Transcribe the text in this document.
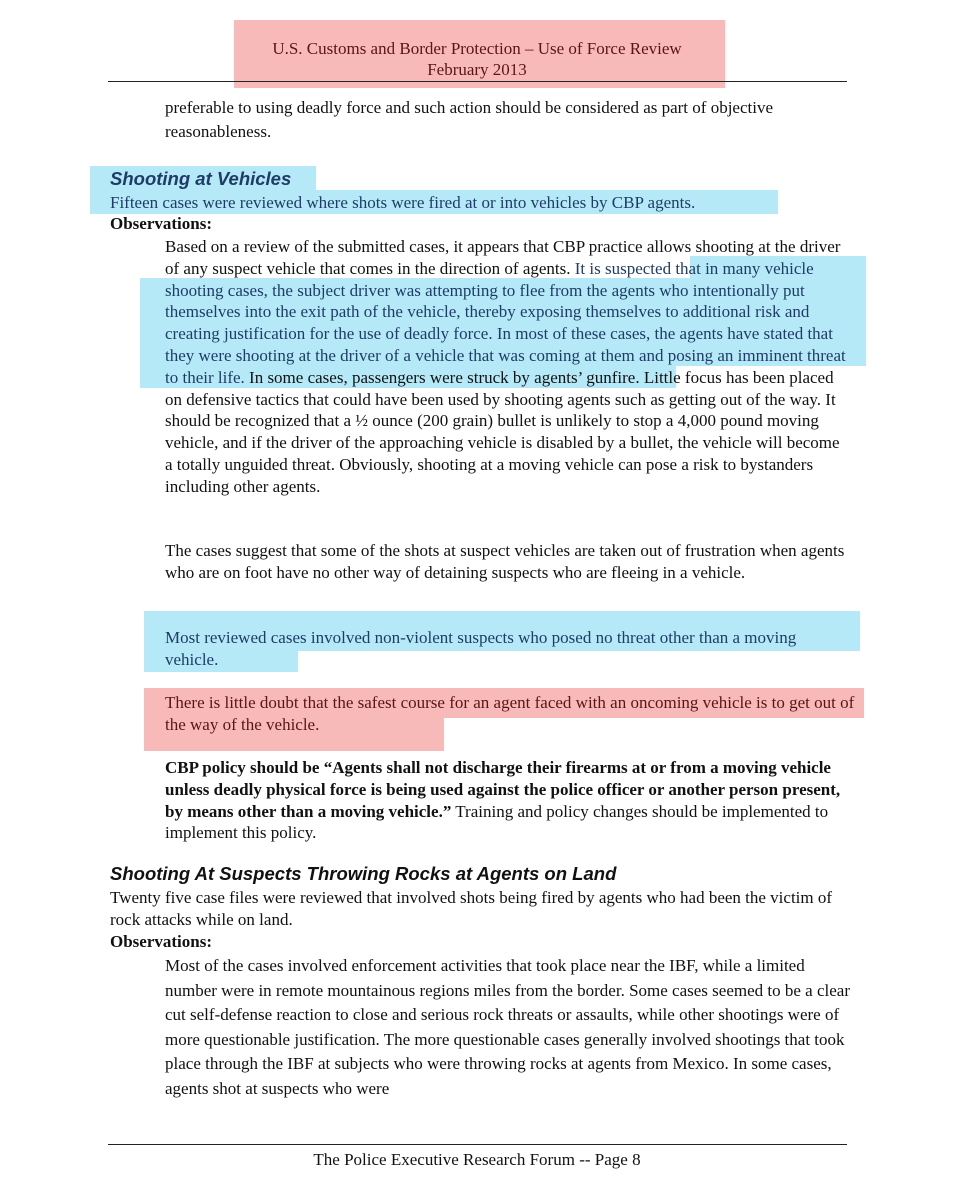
U.S. Customs and Border Protection – Use of Force Review
February 2013
preferable to using deadly force and such action should be considered as part of objective
reasonableness.
Shooting at Vehicles
Fifteen cases were reviewed where shots were fired at or into vehicles by CBP agents.
Observations:
Based on a review of the submitted cases, it appears that CBP practice allows shooting at the driver of any suspect vehicle that comes in the direction of agents. It is suspected that in many vehicle shooting cases, the subject driver was attempting to flee from the agents who intentionally put themselves into the exit path of the vehicle, thereby exposing themselves to additional risk and creating justification for the use of deadly force. In most of these cases, the agents have stated that they were shooting at the driver of a vehicle that was coming at them and posing an imminent threat to their life. In some cases, passengers were struck by agents’ gunfire. Little focus has been placed on defensive tactics that could have been used by shooting agents such as getting out of the way. It should be recognized that a ½ ounce (200 grain) bullet is unlikely to stop a 4,000 pound moving vehicle, and if the driver of the approaching vehicle is disabled by a bullet, the vehicle will become a totally unguided threat. Obviously, shooting at a moving vehicle can pose a risk to bystanders including other agents.
The cases suggest that some of the shots at suspect vehicles are taken out of frustration when agents who are on foot have no other way of detaining suspects who are fleeing in a vehicle.
Most reviewed cases involved non-violent suspects who posed no threat other than a moving vehicle.
There is little doubt that the safest course for an agent faced with an oncoming vehicle is to get out of the way of the vehicle.
CBP policy should be “Agents shall not discharge their firearms at or from a moving vehicle unless deadly physical force is being used against the police officer or another person present, by means other than a moving vehicle.” Training and policy changes should be implemented to implement this policy.
Shooting At Suspects Throwing Rocks at Agents on Land
Twenty five case files were reviewed that involved shots being fired by agents who had been the victim of rock attacks while on land.
Observations:
Most of the cases involved enforcement activities that took place near the IBF, while a limited number were in remote mountainous regions miles from the border. Some cases seemed to be a clear cut self-defense reaction to close and serious rock threats or assaults, while other shootings were of more questionable justification. The more questionable cases generally involved shootings that took place through the IBF at subjects who were throwing rocks at agents from Mexico. In some cases, agents shot at suspects who were
The Police Executive Research Forum -- Page 8
